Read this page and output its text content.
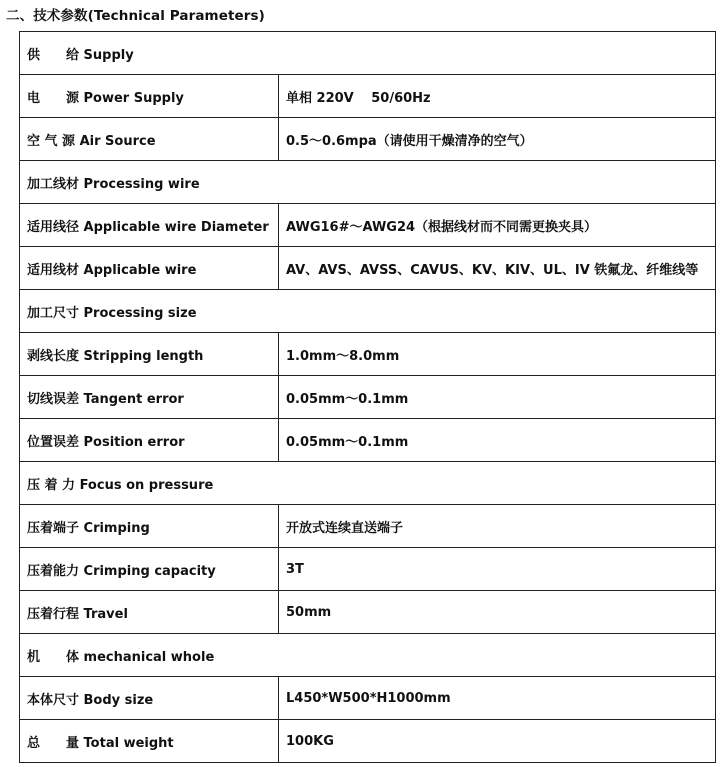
二、技术参数(Technical Parameters)
供　　给 Supply	
电　　源 Power Supply	单相 220V　 50/60Hz
空 气 源 Air Source	0.5～0.6mpa（请使用干燥清净的空气）
加工线材 Processing wire	
适用线径 Applicable wire Diameter	AWG16#～AWG24（根据线材而不同需更换夹具）
适用线材 Applicable wire	AV、AVS、AVSS、CAVUS、KV、KIV、UL、IV 铁氟龙、纤维线等
加工尺寸 Processing size	
剥线长度 Stripping length	1.0mm～8.0mm
切线误差 Tangent error	0.05mm～0.1mm
位置误差 Position error	0.05mm～0.1mm
压 着 力 Focus on pressure	
压着端子 Crimping	开放式连续直送端子
压着能力 Crimping capacity	3T
压着行程 Travel	50mm
机　　体 mechanical whole	
本体尺寸 Body size	L450*W500*H1000mm
总　　量 Total weight	100KG
